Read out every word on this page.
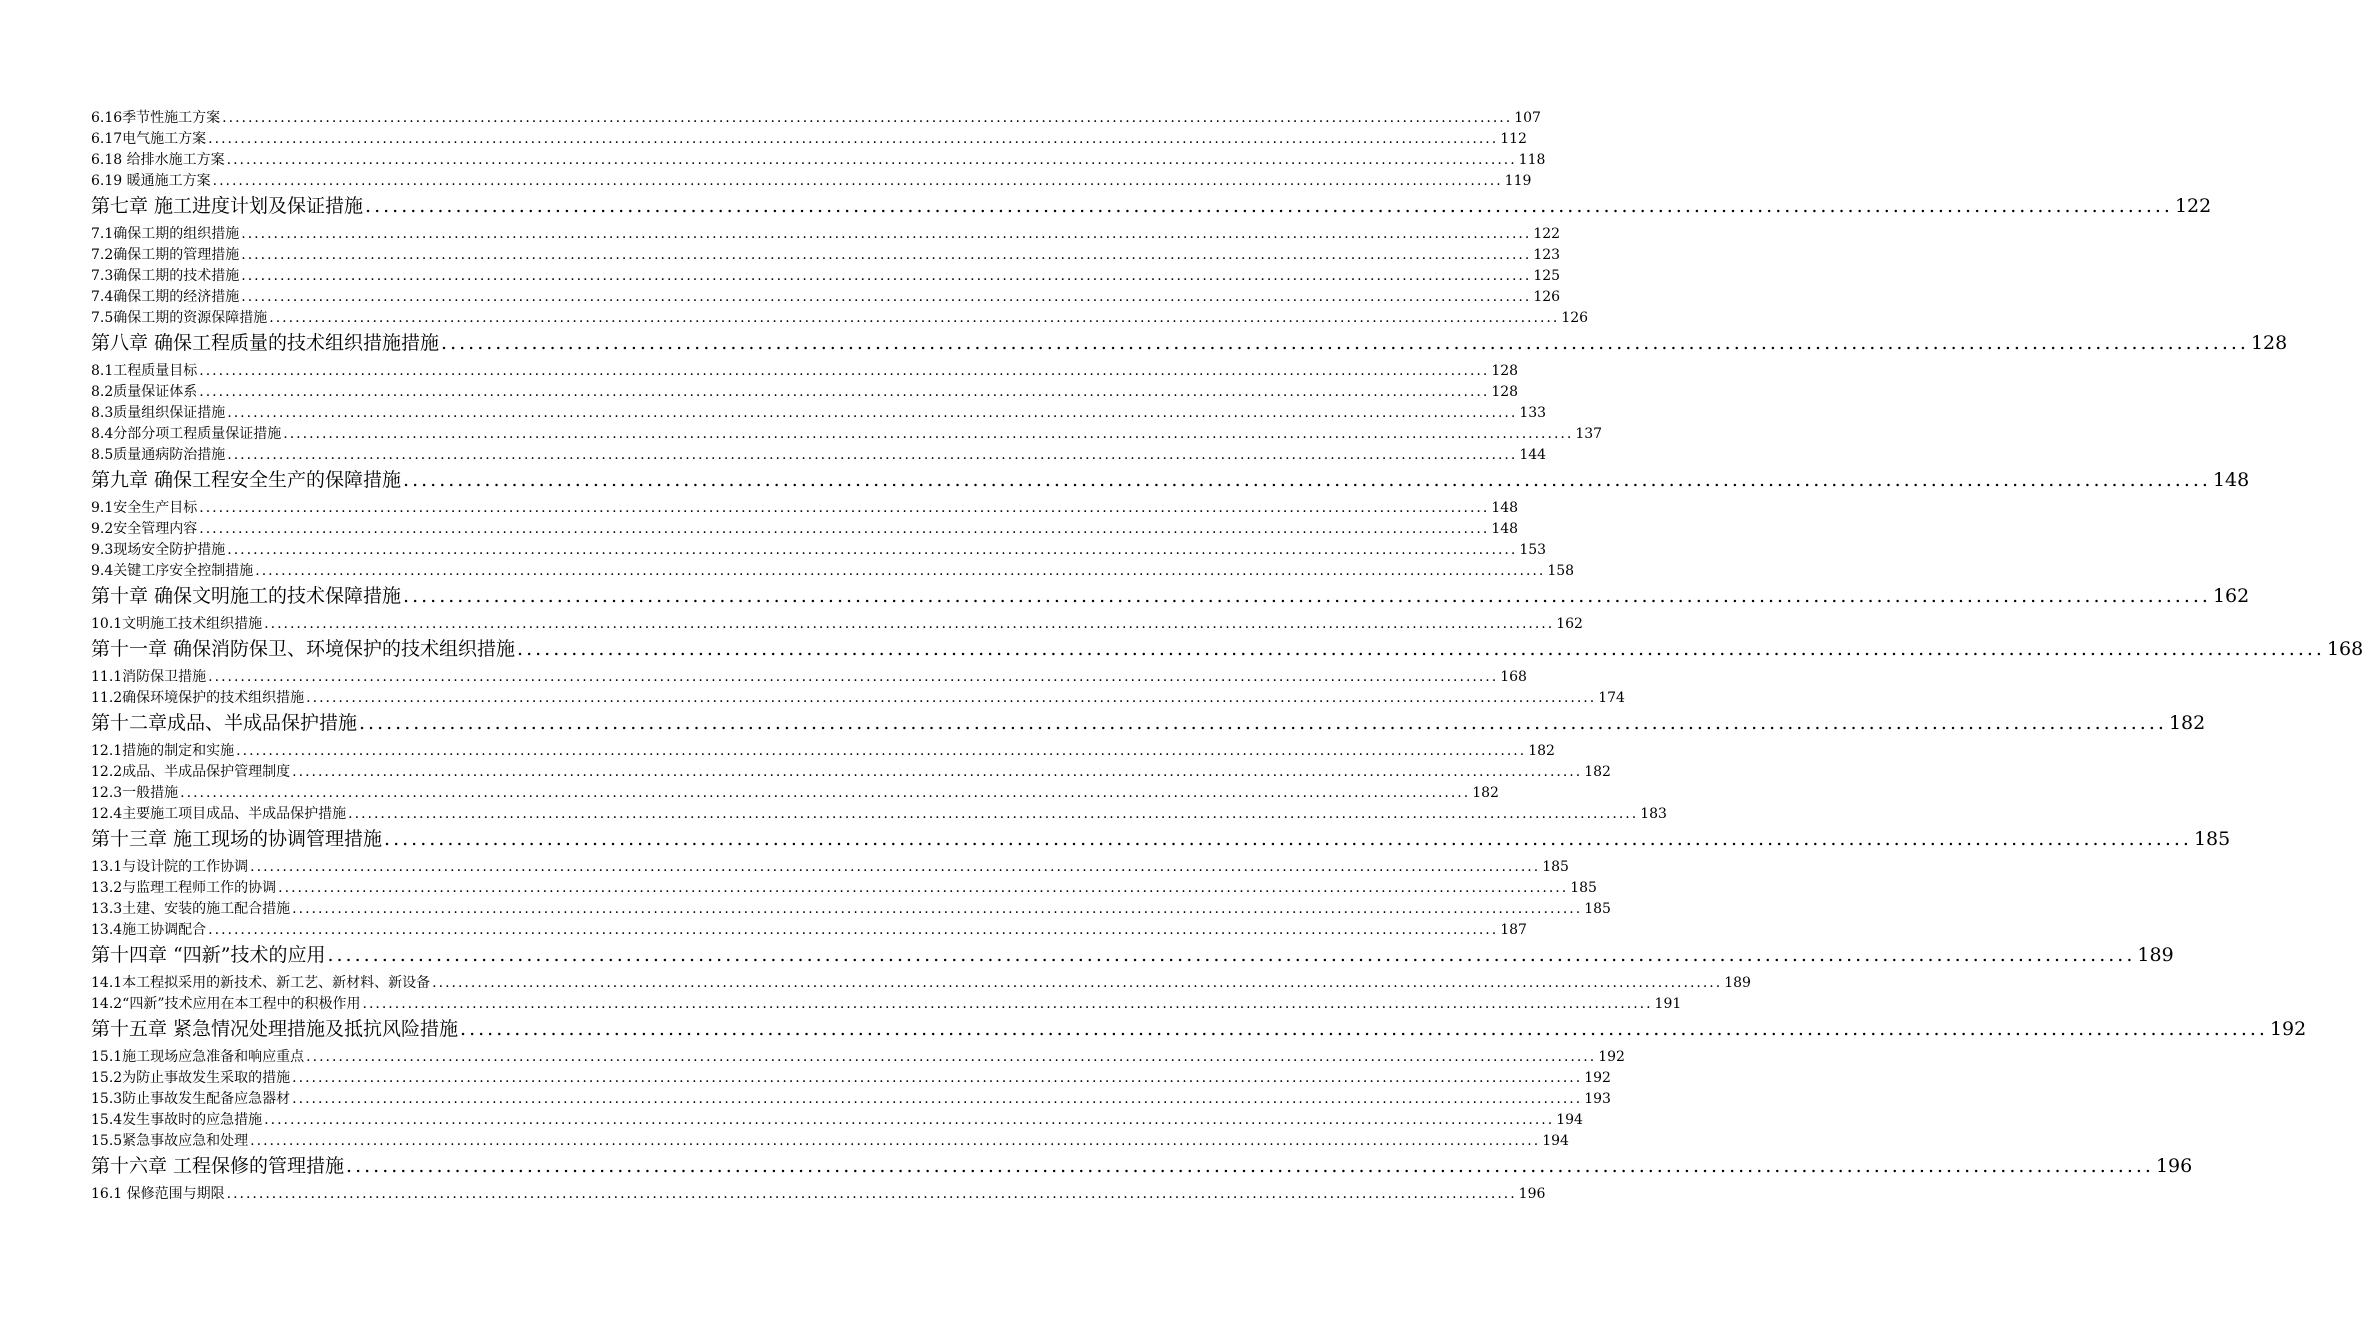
6.16季节性施工方案 ........................................................................................................................................................................................................ 107
6.17电气施工方案 ........................................................................................................................................................................................................ 112
6.18 给排水施工方案 ........................................................................................................................................................................................................ 118
6.19 暖通施工方案 ........................................................................................................................................................................................................ 119
第七章 施工进度计划及保证措施 ........................................................................................................................................................................................................ 122
7.1确保工期的组织措施 ........................................................................................................................................................................................................ 122
7.2确保工期的管理措施 ........................................................................................................................................................................................................ 123
7.3确保工期的技术措施 ........................................................................................................................................................................................................ 125
7.4确保工期的经济措施 ........................................................................................................................................................................................................ 126
7.5确保工期的资源保障措施 ........................................................................................................................................................................................................ 126
第八章 确保工程质量的技术组织措施措施 ........................................................................................................................................................................................................ 128
8.1工程质量目标 ........................................................................................................................................................................................................ 128
8.2质量保证体系 ........................................................................................................................................................................................................ 128
8.3质量组织保证措施 ........................................................................................................................................................................................................ 133
8.4分部分项工程质量保证措施 ........................................................................................................................................................................................................ 137
8.5质量通病防治措施 ........................................................................................................................................................................................................ 144
第九章 确保工程安全生产的保障措施 ........................................................................................................................................................................................................ 148
9.1安全生产目标 ........................................................................................................................................................................................................ 148
9.2安全管理内容 ........................................................................................................................................................................................................ 148
9.3现场安全防护措施 ........................................................................................................................................................................................................ 153
9.4关键工序安全控制措施 ........................................................................................................................................................................................................ 158
第十章 确保文明施工的技术保障措施 ........................................................................................................................................................................................................ 162
10.1文明施工技术组织措施 ........................................................................................................................................................................................................ 162
第十一章 确保消防保卫、环境保护的技术组织措施 ........................................................................................................................................................................................................ 168
11.1消防保卫措施 ........................................................................................................................................................................................................ 168
11.2确保环境保护的技术组织措施 ........................................................................................................................................................................................................ 174
第十二章成品、半成品保护措施 ........................................................................................................................................................................................................ 182
12.1措施的制定和实施 ........................................................................................................................................................................................................ 182
12.2成品、半成品保护管理制度 ........................................................................................................................................................................................................ 182
12.3一般措施 ........................................................................................................................................................................................................ 182
12.4主要施工项目成品、半成品保护措施 ........................................................................................................................................................................................................ 183
第十三章 施工现场的协调管理措施 ........................................................................................................................................................................................................ 185
13.1与设计院的工作协调 ........................................................................................................................................................................................................ 185
13.2与监理工程师工作的协调 ........................................................................................................................................................................................................ 185
13.3土建、安装的施工配合措施 ........................................................................................................................................................................................................ 185
13.4施工协调配合 ........................................................................................................................................................................................................ 187
第十四章 “四新”技术的应用 ........................................................................................................................................................................................................ 189
14.1本工程拟采用的新技术、新工艺、新材料、新设备 ........................................................................................................................................................................................................ 189
14.2“四新”技术应用在本工程中的积极作用 ........................................................................................................................................................................................................ 191
第十五章 紧急情况处理措施及抵抗风险措施 ........................................................................................................................................................................................................ 192
15.1施工现场应急准备和响应重点 ........................................................................................................................................................................................................ 192
15.2为防止事故发生采取的措施 ........................................................................................................................................................................................................ 192
15.3防止事故发生配备应急器材 ........................................................................................................................................................................................................ 193
15.4发生事故时的应急措施 ........................................................................................................................................................................................................ 194
15.5紧急事故应急和处理 ........................................................................................................................................................................................................ 194
第十六章 工程保修的管理措施 ........................................................................................................................................................................................................ 196
16.1 保修范围与期限 ........................................................................................................................................................................................................ 196
